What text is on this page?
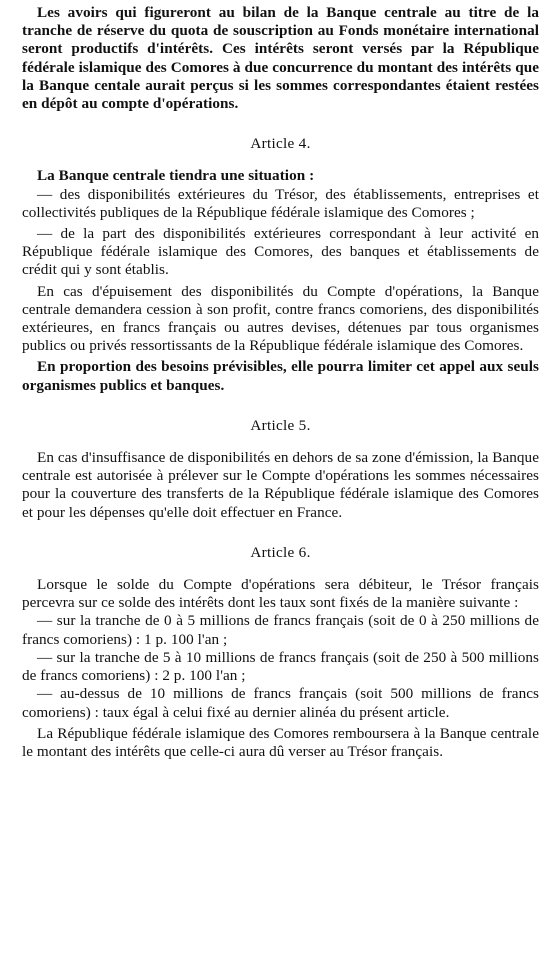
Les avoirs qui figureront au bilan de la Banque centrale au titre de la tranche de réserve du quota de souscription au Fonds monétaire international seront productifs d'intérêts. Ces intérêts seront versés par la République fédérale islamique des Comores à due concurrence du montant des intérêts que la Banque centale aurait perçus si les sommes correspondantes étaient restées en dépôt au compte d'opérations.

Article 4.

La Banque centrale tiendra une situation :

— des disponibilités extérieures du Trésor, des établissements, entreprises et collectivités publiques de la République fédérale islamique des Comores ;

— de la part des disponibilités extérieures correspondant à leur activité en République fédérale islamique des Comores, des banques et établissements de crédit qui y sont établis.

En cas d'épuisement des disponibilités du Compte d'opérations, la Banque centrale demandera cession à son profit, contre francs comoriens, des disponibilités extérieures, en francs français ou autres devises, détenues par tous organismes publics ou privés ressortissants de la République fédérale islamique des Comores.

En proportion des besoins prévisibles, elle pourra limiter cet appel aux seuls organismes publics et banques.

Article 5.

En cas d'insuffisance de disponibilités en dehors de sa zone d'émission, la Banque centrale est autorisée à prélever sur le Compte d'opérations les sommes nécessaires pour la couverture des transferts de la République fédérale islamique des Comores et pour les dépenses qu'elle doit effectuer en France.

Article 6.

Lorsque le solde du Compte d'opérations sera débiteur, le Trésor français percevra sur ce solde des intérêts dont les taux sont fixés de la manière suivante :

— sur la tranche de 0 à 5 millions de francs français (soit de 0 à 250 millions de francs comoriens) : 1 p. 100 l'an ;

— sur la tranche de 5 à 10 millions de francs français (soit de 250 à 500 millions de francs comoriens) : 2 p. 100 l'an ;

— au-dessus de 10 millions de francs français (soit 500 millions de francs comoriens) : taux égal à celui fixé au dernier alinéa du présent article.

La République fédérale islamique des Comores remboursera à la Banque centrale le montant des intérêts que celle-ci aura dû verser au Trésor français.
